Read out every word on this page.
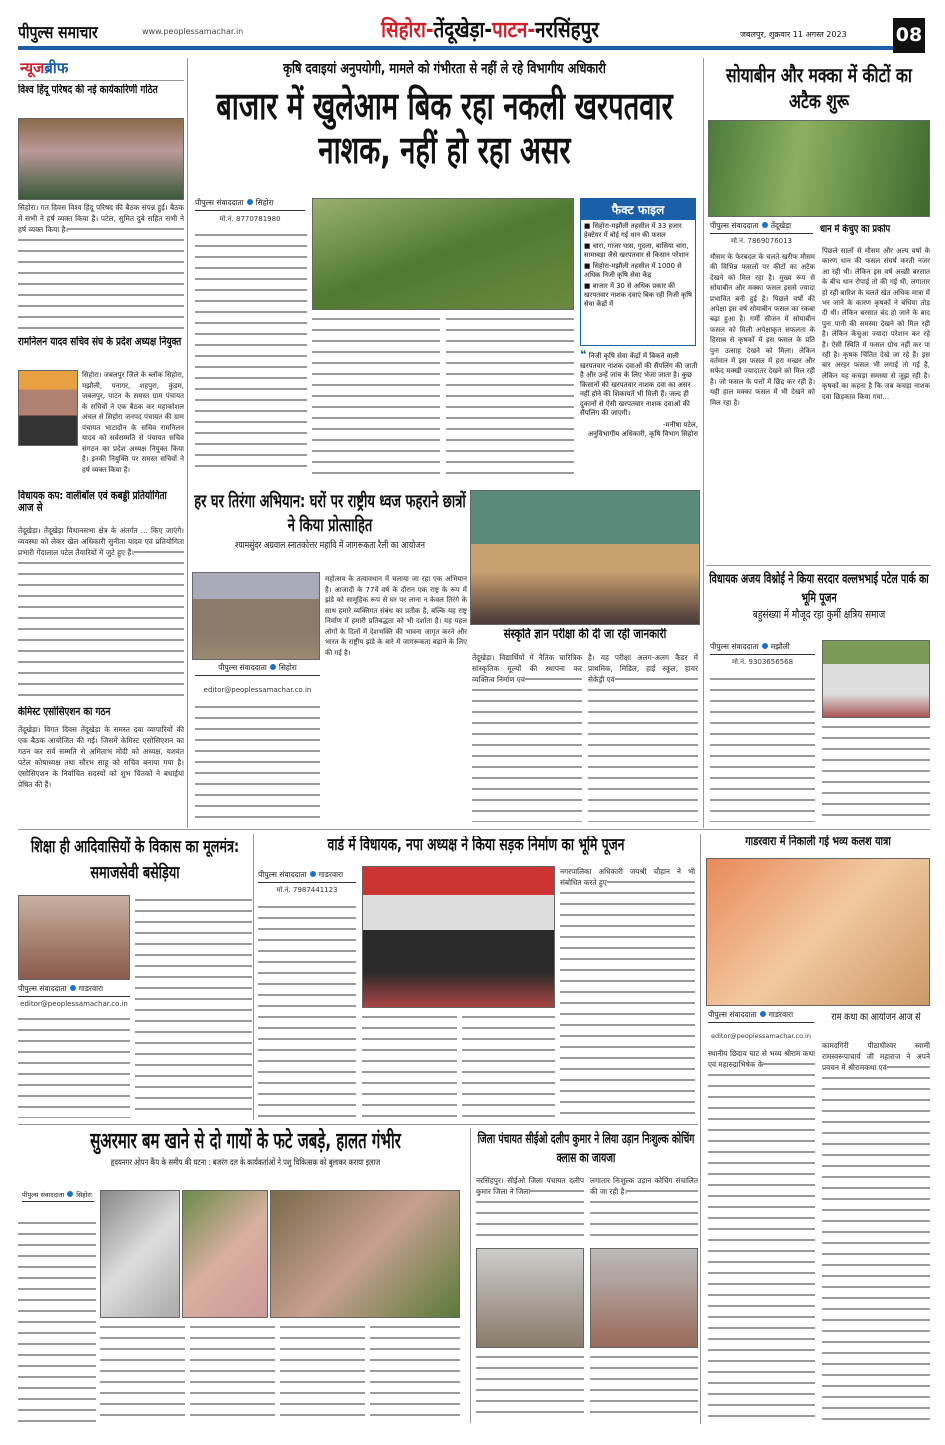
पीपुल्स समाचार	www.peoplessamachar.in	सिहोरा-तेंदूखेड़ा-पाटन-नरसिंहपुर	जबलपुर, शुक्रवार 11 अगस्त 2023	08
न्यूजब्रीफ
विश्व हिंदू परिषद की नई कार्यकारिणी गठित
सिहोरा। गत दिवस विश्व हिंदू परिषद की बैठक संपन्न हुई। बैठक में सभी ने हर्ष व्यक्त किया है। पटेल, सुमित दुबे सहित सभी ने हर्ष व्यक्त किया है।
रामनिलन यादव सचिव संघ के प्रदेश अध्यक्ष नियुक्त
सिहोरा। जबलपुर जिले के ब्लॉक सिहोरा, मझौली, पनागर, शहपुरा, कुंडम, जबलपुर, पाटन के समस्त ग्राम पंचायत के सचिवों ने एक बैठक कर महाकोशल अंचल से सिहोरा जनपद पंचायत की ग्राम पंचायत भाटादौन के सचिव रामनिलन यादव को सर्वसम्मति से पंचायत सचिव संगठन का प्रदेश अध्यक्ष नियुक्त किया है। इनकी नियुक्ति पर समस्त सचिवों ने हर्ष व्यक्त किया है।
विधायक कप: वालीबॉल एवं कबड्डी प्रतियोगिता आज से
तेंदूखेड़ा। तेंदूखेड़ा विधानसभा क्षेत्र के अंतर्गत ... किए जाएंगे। व्यवस्था को लेकर खेल अधिकारी सुनीता यादव एवं प्रतियोगिता प्रभारी गेंदालाल पटेल तैयारियों में जुटे हुए हैं।
केमिस्ट एसोसिएशन का गठन
तेंदूखेड़ा। विगत दिवस तेंदूखेड़ा के समस्त दवा व्यापारियों की एक बैठक आयोजित की गई। जिसमें केमिस्ट एसोसिएशन का गठन कर सर्व सम्मति से अमिताभ मोदी को अध्यक्ष, यशवंत पटेल कोषाध्यक्ष तथा सौरभ साहू को सचिव बनाया गया है। एसोसिएशन के निर्वाचित सदस्यों को शुभ चिंतकों ने बधाईयां प्रेषित की हैं।
कृषि दवाइयां अनुपयोगी, मामले को गंभीरता से नहीं ले रहे विभागीय अधिकारी
बाजार में खुलेआम बिक रहा नकली खरपतवार नाशक, नहीं हो रहा असर
पीपुल्स संवाददाता सिहोरा
मो.नं. 8770781980
फैक्ट फाइल
■ सिहोरा-मझौली तहसील में 33 हजार हेक्टेयर में बोई गई धान की फसल
■ चारा, गाजर घास, गुदला, बासिया चारा, सामाबड़ा जैसे खरपतवार से किसान परेशान
■ सिहोरा-मझौली तहसील में 1000 से अधिक निजी कृषि सेवा केंद्र
■ बाजार में 30 से अधिक प्रकार की खरपतवार नाशक दवाएं बिक रही निजी कृषि सेवा केंद्रों में
❝ निजी कृषि सेवा केंद्रों में बिकने वाली खरपतवार नाशक दवाओं की सैंपलिंग की जाती है और उन्हें जांच के लिए भेजा जाता है। कुछ किसानों की खरपतवार नाशक दवा का असर नहीं होने की शिकायतें भी मिली हैं। जल्द ही दुकानों से ऐसी खरपतवार नाशक दवाओं की सैंपलिंग की जाएगी।
-मनीषा पटेल,
अनुविभागीय अधिकारी, कृषि विभाग सिहोरा
सोयाबीन और मक्का में कीटों का अटैक शुरू
पीपुल्स संवाददाता तेंदूखेड़ा
मो.नं. 7869076013
मौसम के फेरबदल के चलते खरीफ मौसम की विभिन्न फसलों पर कीटों का अटैक देखने को मिल रहा है। मुख्य रूप से सोयाबीन और मक्का फसल इससे ज्यादा प्रभावित बनी हुई है। पिछले वर्षों की अपेक्षा इस वर्ष सोयाबीन फसल का रकबा बढ़ा हुआ है। गर्मी सीजन में सोयाबीन फसल को मिली अपेक्षाकृत सफलता के हिसाब से कृषकों में इस फसल के प्रति पुनः उत्साह देखने को मिला। लेकिन वर्तमान में इस फसल में हरा मच्छर और सफेद मक्खी ज्यादातर देखने को मिल रही है। जो फसल के पत्तों में छिद्र कर रही है। यही हाल मक्का फसल में भी देखने को मिल रहा है।
धान में केंचुए का प्रकोप
पिछले सालों से मौसम और अल्प वर्षा के कारण धान की फसल संघर्ष करती नजर आ रही थी। लेकिन इस वर्ष अच्छी बरसात के बीच धान रोपाई तो की गई थी, लगातार हो रही बारिश के चलते खेत अधिक मात्रा में भर जाने के कारण कृषकों ने बंधिया तोड़ दी थी। लेकिन बरसात बंद हो जाने के बाद पुनः पानी की समस्या देखने को मिल रही है। लेकिन केंचुआ ज्यादा परेशान कर रहे हैं। ऐसी स्थिति में फसल ग्रोथ नहीं कर पा रही है। कृषक चिंतित देखे जा रहे हैं। इस बार अरहर फसल भी लगाई तो गई है, लेकिन यह कचड़ा समस्या से जूझ रही है। कृषकों का कहना है कि जब कचड़ा नाशक दवा छिड़काव किया गया...
हर घर तिरंगा अभियान: घरों पर राष्ट्रीय ध्वज फहराने छात्रों ने किया प्रोत्साहित
श्यामसुंदर अग्रवाल स्नातकोत्तर महावि में जागरूकता रैली का आयोजन
पीपुल्स संवाददाता सिहोरा
editor@peoplessamachar.co.in
महोत्सव के तत्वावधान में चलाया जा रहा एक अभियान है। आजादी के 77वें वर्ष के दौरान एक राष्ट्र के रूप में झंडे को सामूहिक रूप से घर पर लाना न केवल तिरंगे के साथ हमारे व्यक्तिगत संबंध का प्रतीक है, बल्कि यह राष्ट्र निर्माण में हमारी प्रतिबद्धता को भी दर्शाता है। यह पहल लोगों के दिलों में देशभक्ति की भावना जागृत करने और भारत के राष्ट्रीय झंडे के बारे में जागरूकता बढ़ाने के लिए की गई है।
संस्कृति ज्ञान परीक्षा की दी जा रही जानकारी
तेंदूखेड़ा। विद्यार्थियों में नैतिक चारित्रिक सांस्कृतिक मूल्यों की स्थापना कर व्यक्तित्व निर्माण एवं
है। यह परीक्षा अलग-अलग कैडर में प्राथमिक, मिडिल, हाई स्कूल, हायर सेकेंड्री एवं
विधायक अजय विश्नोई ने किया सरदार वल्लभभाई पटेल पार्क का भूमि पूजन
बहुसंख्या में मौजूद रहा कुर्मी क्षत्रिय समाज
पीपुल्स संवाददाता मझौली
मो.नं. 9303656568
शिक्षा ही आदिवासियों के विकास का मूलमंत्र: समाजसेवी बसेड़िया
पीपुल्स संवाददाता गाडरवारा
editor@peoplessamachar.co.in
वार्ड में विधायक, नपा अध्यक्ष ने किया सड़क निर्माण का भूमि पूजन
पीपुल्स संवाददाता गाडरवारा
मो.नं. 7987441123
नगरपालिका अधिकारी जयश्री चौहान ने भी संबोधित करते हुए
गाडरवारा में निकाली गई भव्य कलश यात्रा
पीपुल्स संवाददाता गाडरवारा
editor@peoplessamachar.co.in
स्थानीय छिदाव घाट से भव्य श्रीराम कथा एवं महारुद्राभिषेक के
राम कथा का आयोजन आज से
कामदगिरी पीठाधीश्वर स्वामी रामस्वरूपाचार्य जी महाराज ने अपने प्रवचन में श्रीरामकथा एवं
सुअरमार बम खाने से दो गायों के फटे जबड़े, हालत गंभीर
हृदयनगर ओपन कैंप के समीप की घटना : बजरंग दल के कार्यकर्ताओं ने पशु चिकित्सक को बुलाकर कराया इलाज
पीपुल्स संवाददाता सिहोरा
जिला पंचायत सीईओ दलीप कुमार ने लिया उड़ान निःशुल्क कोचिंग क्लास का जायजा
नरसिंहपुर। सीईओ जिला पंचायत दलीप कुमार जिला ने जिला
लगातार निःशुल्क उड़ान कोचिंग संचालित की जा रही है।
